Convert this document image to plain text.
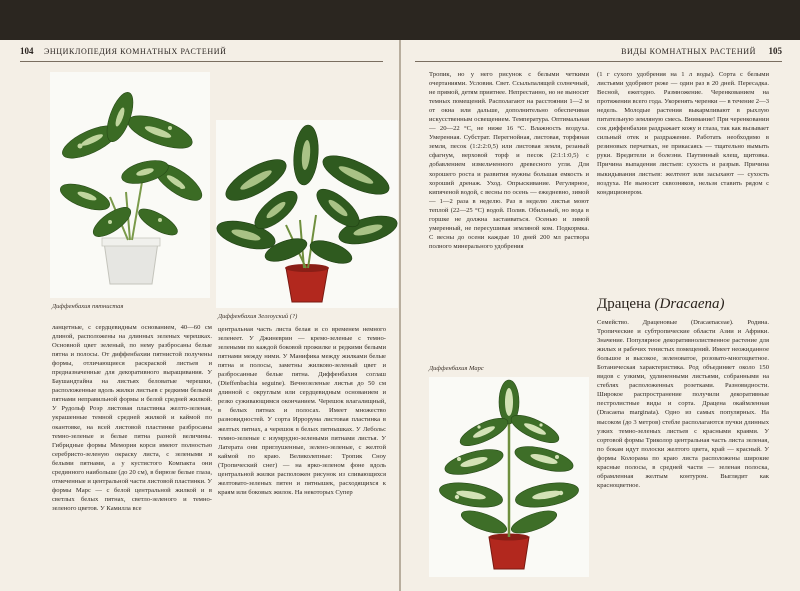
104 ЭНЦИКЛОПЕДИЯ КОМНАТНЫХ РАСТЕНИЙ
Диффенбахия пятнистая
Диффенбахия Зеллоуский (?)

ланцетные, с сердцевидным основанием, 40—60 см длиной, расположены на длинных зеленых черешках. Основной цвет зеленый, по нему разбросаны белые пятна и полосы. От диффенбахии пятнистой получены формы, отличающиеся раскраской листьев и предназначенные для декоративного выращивания. У Баушандтайна на листьях беловатые черешки, расположенные вдоль жилки листьев с редкими белыми пятнами неправильной формы и белой средней жилкой. У Рудольф Роэр листовая пластинка желто-зеленая, украшенные темной средней жилкой и каймой по окантовке, на всей листовой пластинке разбросаны темно-зеленые и белые пятна разной величины. Гибридные формы Мемория корси имеют полностью серебристо-зеленую окраску листа, с зелеными и белыми пятнами, а у кустистого Компакта они срединного наибольше (до 20 см), в бирюзе белые глаза, отмеченные и центральной части листовой пластинки. У формы Марс — с белой центральной жилкой и в светлых белых пятнах, светло-зеленого и темно-зеленого цветов. У Камилла все

центральная часть листа белая и со временем немного зеленеет. У Джиневрин — кремо-зеленые с темно-зелеными по каждой боковой прожилке и редкими белыми пятнами между ними. У Манифика между жилками белые пятна и полосы, заметны жилково-зеленый цвет и разбросанные белые пятна. Диффенбахия соглаш (Dieffenbachia seguine). Вечнозеленые листья до 50 см длинной с округлым или сердцевидным основанием и резко суживающимся окончанием. Черешок влагалищный, в белых пятнах и полосах. Имеет множество разновидностей. У сорта Иррорума листовая пластинка в желтых пятнах, а черешок в белых пятнышках. У Лебольс темно-зеленые с изумрудно-зелеными пятнами листья. У Латерата они приглушенные, зелено-зеленые, с желтой каймой по краю. Великолепные: Тропик Сноу (Тропический снег) — на ярко-зеленом фоне вдоль центральной жилки расположен рисунок из сливающихся желтовато-зеленых пятен и пятнышек, расходящихся к краям или боковых жилок. На некоторых Супер

ВИДЫ КОМНАТНЫХ РАСТЕНИЙ 105

Тропик, но у него рисунок с белыми четкими очертаниями. Условия. Свет. Ссыльпалящей солнечный, не прямой, детям приятнее. Непрестанно, но не выносит темных помещений. Располагают на расстоянии 1—2 м от окна или дальше, дополнительно обеспечивая искусственным освещением. Температура. Оптимальная — 20—22 °С, не ниже 16 °С. Влажность воздуха. Умеренная. Субстрат. Перегнойная, листовая, торфяная земля, песок (1:2:2:0,5) или листовая земля, резаный сфагнум, верховой торф и песок (2:1:1:0,5) с добавлением измельченного древесного угля. Для хорошего роста и развития нужны большая емкость и хороший дренаж. Уход. Опрыскивание. Регулярное, кипяченой водой, с весны по осень — ежедневно, зимой — 1—2 раза в неделю. Раз в неделю листья моют теплой (22—25 °С) водой. Полив. Обильный, но вода в горшке не должна застаиваться. Осенью и зимой умеренный, не пересушивая земляной ком. Подкормка. С весны до осени каждые 10 дней 200 мл раствора полного минерального удобрения

Диффенбахия Марс

(1 г сухого удобрения на 1 л воды). Сорта с белыми листьями удобряют реже — один раз в 20 дней. Пересадка. Весной, ежегодно. Размножение. Черенкованием на протяжении всего года. Укоренять черенки — в течение 2—3 недель. Молодые растения выкармливают в рыхлую питательную земляную смесь. Внимание! При черенковании сок диффенбахии раздражает кожу и глаза, так как вызывает сильный отек и раздражение. Работать необходимо в резиновых перчатках, не прикасаясь — тщательно вымыть руки. Вредители и болезни. Паутинный клещ, щитовка. Причина выпадения листьев: сухость и разрыв. Причина выкидывания листьев: желтеют или засыхают — сухость воздуха. Не выносит сквозняков, нельзя ставить рядом с кондиционером.

Драцена (Dracaena)

Семейство. Драценовые (Dracaenaceae). Родина. Тропические и субтропические области Азии и Африки. Значение. Популярное декоративнолиственное растение для жилых и рабочих тенистых помещений. Имеет неожиданное большое и высокое, зеленоватое, розовато-многоцветное. Ботаническая характеристика. Род объединяет около 150 видов с узкими, удлиненными листьями, собранными на стеблях расположенных розетками. Разновидности. Широкое распространение получили декоративные пестролистные виды и сорта. Драцена окаймленная (Dracaena marginata). Одно из самых популярных. На высоком (до 3 метров) стебле располагаются пучки длинных узких темно-зеленых листьев с красными краями. У сортовой формы Триколор центральная часть листа зеленая, по бокам идут полоски желтого цвета, край — красный. У формы Колорама по краю листа расположены широкие красные полосы, в средней части — зеленая полоска, обрамленная желтым контуром. Выглядит как красноцветное.
